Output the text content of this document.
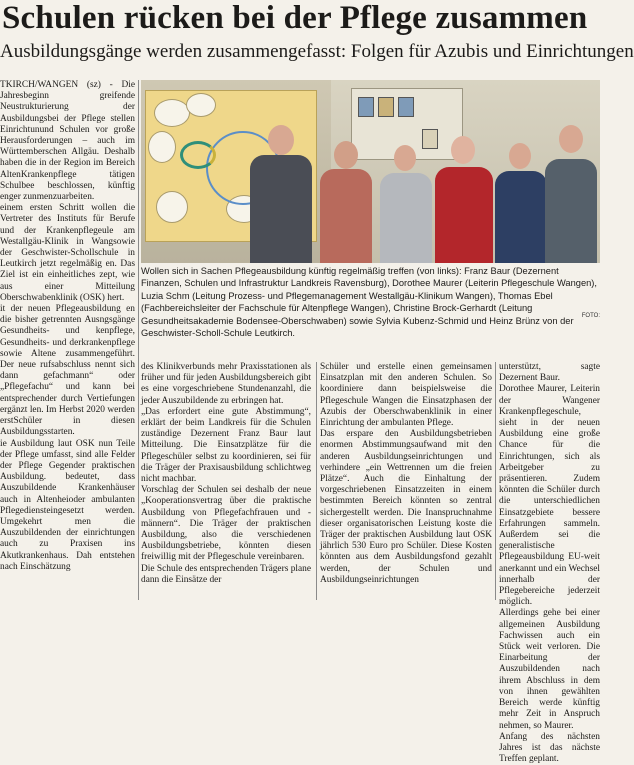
Schulen rücken bei der Pflege zusammen
Ausbildungsgänge werden zusammengefasst: Folgen für Azubis und Einrichtungen

TKIRCH/WANGEN (sz) - Die Jahresbeginn greifende Neustrukturierung der Ausbildungsbei der Pflege stellen Einrichtunund Schulen vor große Herausforderungen – auch im Württemberschen Allgäu. Deshalb haben die in der Region im Bereich AltenKrankenpflege tätigen Schulbee beschlossen, künftig enger zunmenzuarbeiten.

einem ersten Schritt wollen die Vertreter des Instituts für Berufe und der Krankenpflegeule am Westallgäu-Klinik in Wangsowie der Geschwister-Schollschule in Leutkirch jetzt regelmäßig en. Das Ziel ist ein einheitliches zept, wie aus einer Mitteilung Oberschwabenklinik (OSK) hert.

it der neuen Pflegeausbildung en die bisher getrennten Ausngsgänge Gesundheits- und kenpflege, Gesundheits- und derkrankenpflege sowie Altene zusammengeführt. Der neue rufsabschluss nennt sich dann gefachmann“ oder „Pflegefachu“ und kann bei entsprechender durch Vertiefungen ergänzt len. Im Herbst 2020 werden erstSchüler in diesen Ausbildungsstarten.

ie Ausbildung laut OSK nun Teile der Pflege umfasst, sind alle Felder der Pflege Gegender praktischen Ausbildung. bedeutet, dass Auszubildende Krankenhäuser auch in Altenheioder ambulanten Pflegediensteingesetzt werden. Umgekehrt men die Auszubildenden der einrichtungen auch zu Praxisen ins Akutkrankenhaus. Dah entstehen nach Einschätzung

Wollen sich in Sachen Pflegeausbildung künftig regelmäßig treffen (von links): Franz Baur (Dezernent Finanzen, Schulen und Infrastruktur Landkreis Ravensburg), Dorothee Maurer (Leiterin Pflegeschule Wangen), Luzia Schm (Leitung Prozess- und Pflegemanagement Westallgäu-Klinikum Wangen), Thomas Ebel (Fachbereichsleiter der Fachschule für Altenpflege Wangen), Christine Brock-Gerhardt (Leitung Gesundheitsakademie Bodensee-Oberschwaben) sowie Sylvia Kubenz-Schmid und Heinz Brünz von der Geschwister-Scholl-Schule Leutkirch.
FOTO:

des Klinikverbunds mehr Praxisstationen als früher und für jeden Ausbildungsbereich gibt es eine vorgeschriebene Stundenanzahl, die jeder Auszubildende zu erbringen hat.

„Das erfordert eine gute Abstimmung“, erklärt der beim Landkreis für die Schulen zuständige Dezernent Franz Baur laut Mitteilung. Die Einsatzplätze für die Pflegeschüler selbst zu koordinieren, sei für die Träger der Praxisausbildung schlichtweg nicht machbar.

Vorschlag der Schulen sei deshalb der neue „Kooperationsvertrag über die praktische Ausbildung von Pflegefachfrauen und -männern“. Die Träger der praktischen Ausbildung, also die verschiedenen Ausbildungsbetriebe, könnten diesen freiwillig mit der Pflegeschule vereinbaren.

Die Schule des entsprechenden Trägers plane dann die Einsätze der

Schüler und erstelle einen gemeinsamen Einsatzplan mit den anderen Schulen. So koordiniere dann beispielsweise die Pflegeschule Wangen die Einsatzphasen der Azubis der Oberschwabenklinik in einer Einrichtung der ambulanten Pflege.

Das erspare den Ausbildungsbetrieben enormen Abstimmungsaufwand mit den anderen Ausbildungseinrichtungen und verhindere „ein Wettrennen um die freien Plätze“. Auch die Einhaltung der vorgeschriebenen Einsatzzeiten in einem bestimmten Bereich könnten so zentral sichergestellt werden. Die Inanspruchnahme dieser organisatorischen Leistung koste die Träger der praktischen Ausbildung laut OSK jährlich 530 Euro pro Schüler. Diese Kosten könnten aus dem Ausbildungsfond gezahlt werden, der Schulen und Ausbildungseinrichtungen

unterstützt, sagte Dezernent Baur.

Dorothee Maurer, Leiterin der Wangener Krankenpflegeschule, sieht in der neuen Ausbildung eine große Chance für die Einrichtungen, sich als Arbeitgeber zu präsentieren. Zudem könnten die Schüler durch die unterschiedlichen Einsatzgebiete bessere Erfahrungen sammeln. Außerdem sei die generalistische Pflegeausbildung EU-weit anerkannt und ein Wechsel innerhalb der Pflegebereiche jederzeit möglich.

Allerdings gehe bei einer allgemeinen Ausbildung Fachwissen auch ein Stück weit verloren. Die Einarbeitung der Auszubildenden nach ihrem Abschluss in dem von ihnen gewählten Bereich werde künftig mehr Zeit in Anspruch nehmen, so Maurer.

Anfang des nächsten Jahres ist das nächste Treffen geplant.
